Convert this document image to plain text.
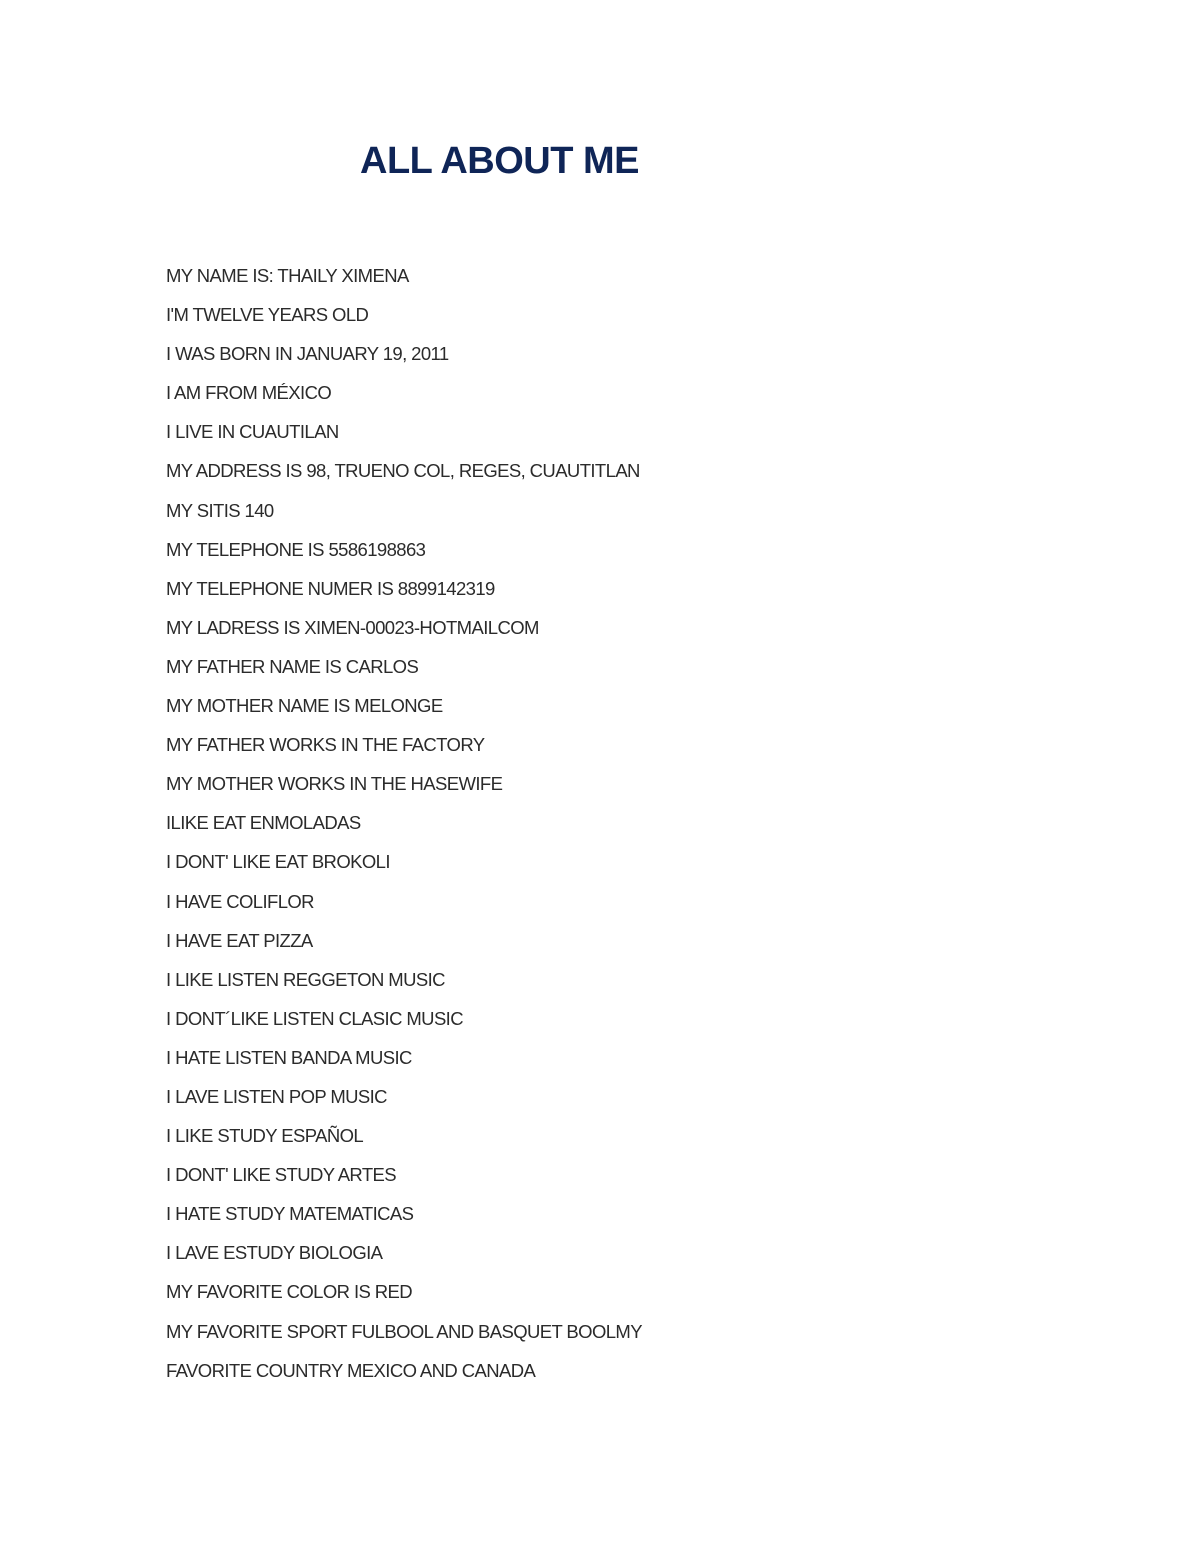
ALL ABOUT ME
MY NAME IS: THAILY XIMENA
I'M TWELVE YEARS OLD
I WAS BORN IN JANUARY 19, 2011
I AM FROM MÉXICO
I LIVE IN CUAUTILAN
MY ADDRESS IS 98, TRUENO COL, REGES, CUAUTITLAN
MY SITIS 140
MY TELEPHONE IS 5586198863
MY TELEPHONE NUMER IS 8899142319
MY LADRESS IS XIMEN-00023-HOTMAILCOM
MY FATHER NAME IS CARLOS
MY MOTHER NAME IS MELONGE
MY FATHER WORKS IN THE FACTORY
MY MOTHER WORKS IN THE HASEWIFE
ILIKE EAT ENMOLADAS
I DONT' LIKE EAT BROKOLI
I HAVE COLIFLOR
I HAVE EAT PIZZA
I LIKE LISTEN REGGETON MUSIC
I DONT´LIKE LISTEN CLASIC MUSIC
I HATE LISTEN BANDA MUSIC
I LAVE LISTEN POP MUSIC
I LIKE STUDY ESPAÑOL
I DONT' LIKE STUDY ARTES
I HATE STUDY MATEMATICAS
I LAVE ESTUDY BIOLOGIA
MY FAVORITE COLOR IS RED
MY FAVORITE SPORT FULBOOL AND BASQUET BOOLMY
FAVORITE COUNTRY MEXICO AND CANADA
